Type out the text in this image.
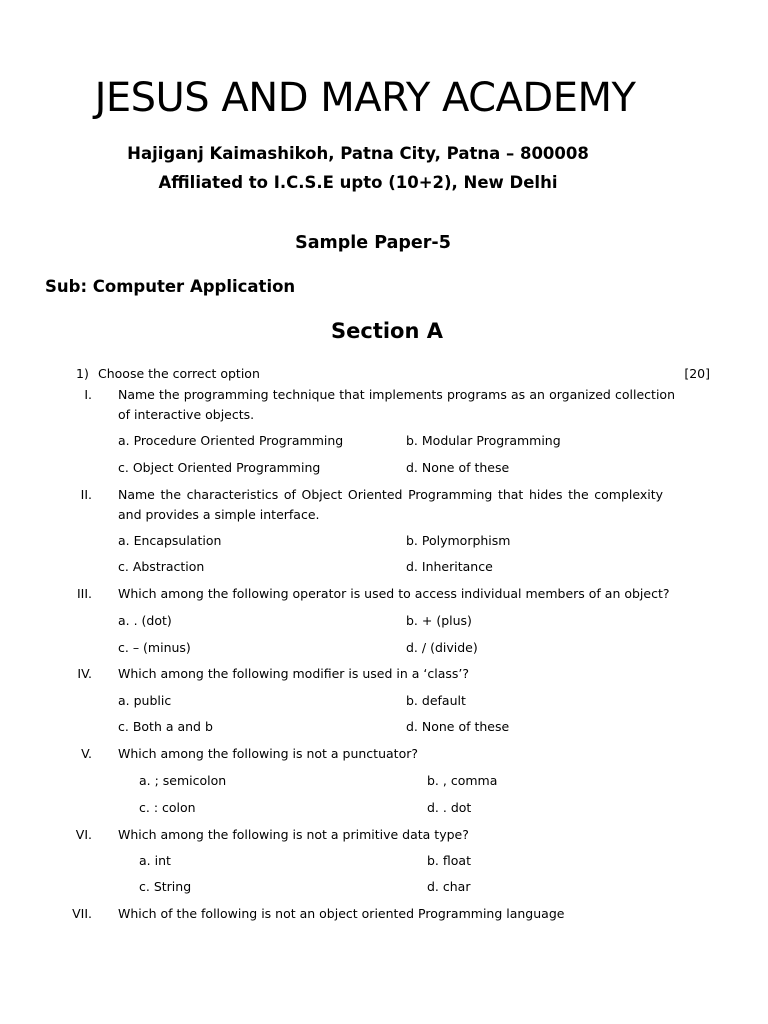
JESUS AND MARY ACADEMY
Hajiganj Kaimashikoh, Patna City, Patna – 800008
Affiliated to I.C.S.E upto (10+2), New Delhi
Sample Paper-5
Sub: Computer Application
Section A
1) Choose the correct option	[20]
I. Name the programming technique that implements programs as an organized collection of interactive objects.
a. Procedure Oriented Programming	b. Modular Programming
c. Object Oriented Programming	d. None of these
II. Name the characteristics of Object Oriented Programming that hides the complexity and provides a simple interface.
a. Encapsulation	b. Polymorphism
c. Abstraction	d. Inheritance
III. Which among the following operator is used to access individual members of an object?
a. . (dot)	b. + (plus)
c. – (minus)	d. / (divide)
IV. Which among the following modifier is used in a ‘class’?
a. public	b. default
c. Both a and b	d. None of these
V. Which among the following is not a punctuator?
a. ; semicolon	b. , comma
c. : colon	d. . dot
VI. Which among the following is not a primitive data type?
a. int	b. float
c. String	d. char
VII. Which of the following is not an object oriented Programming language
